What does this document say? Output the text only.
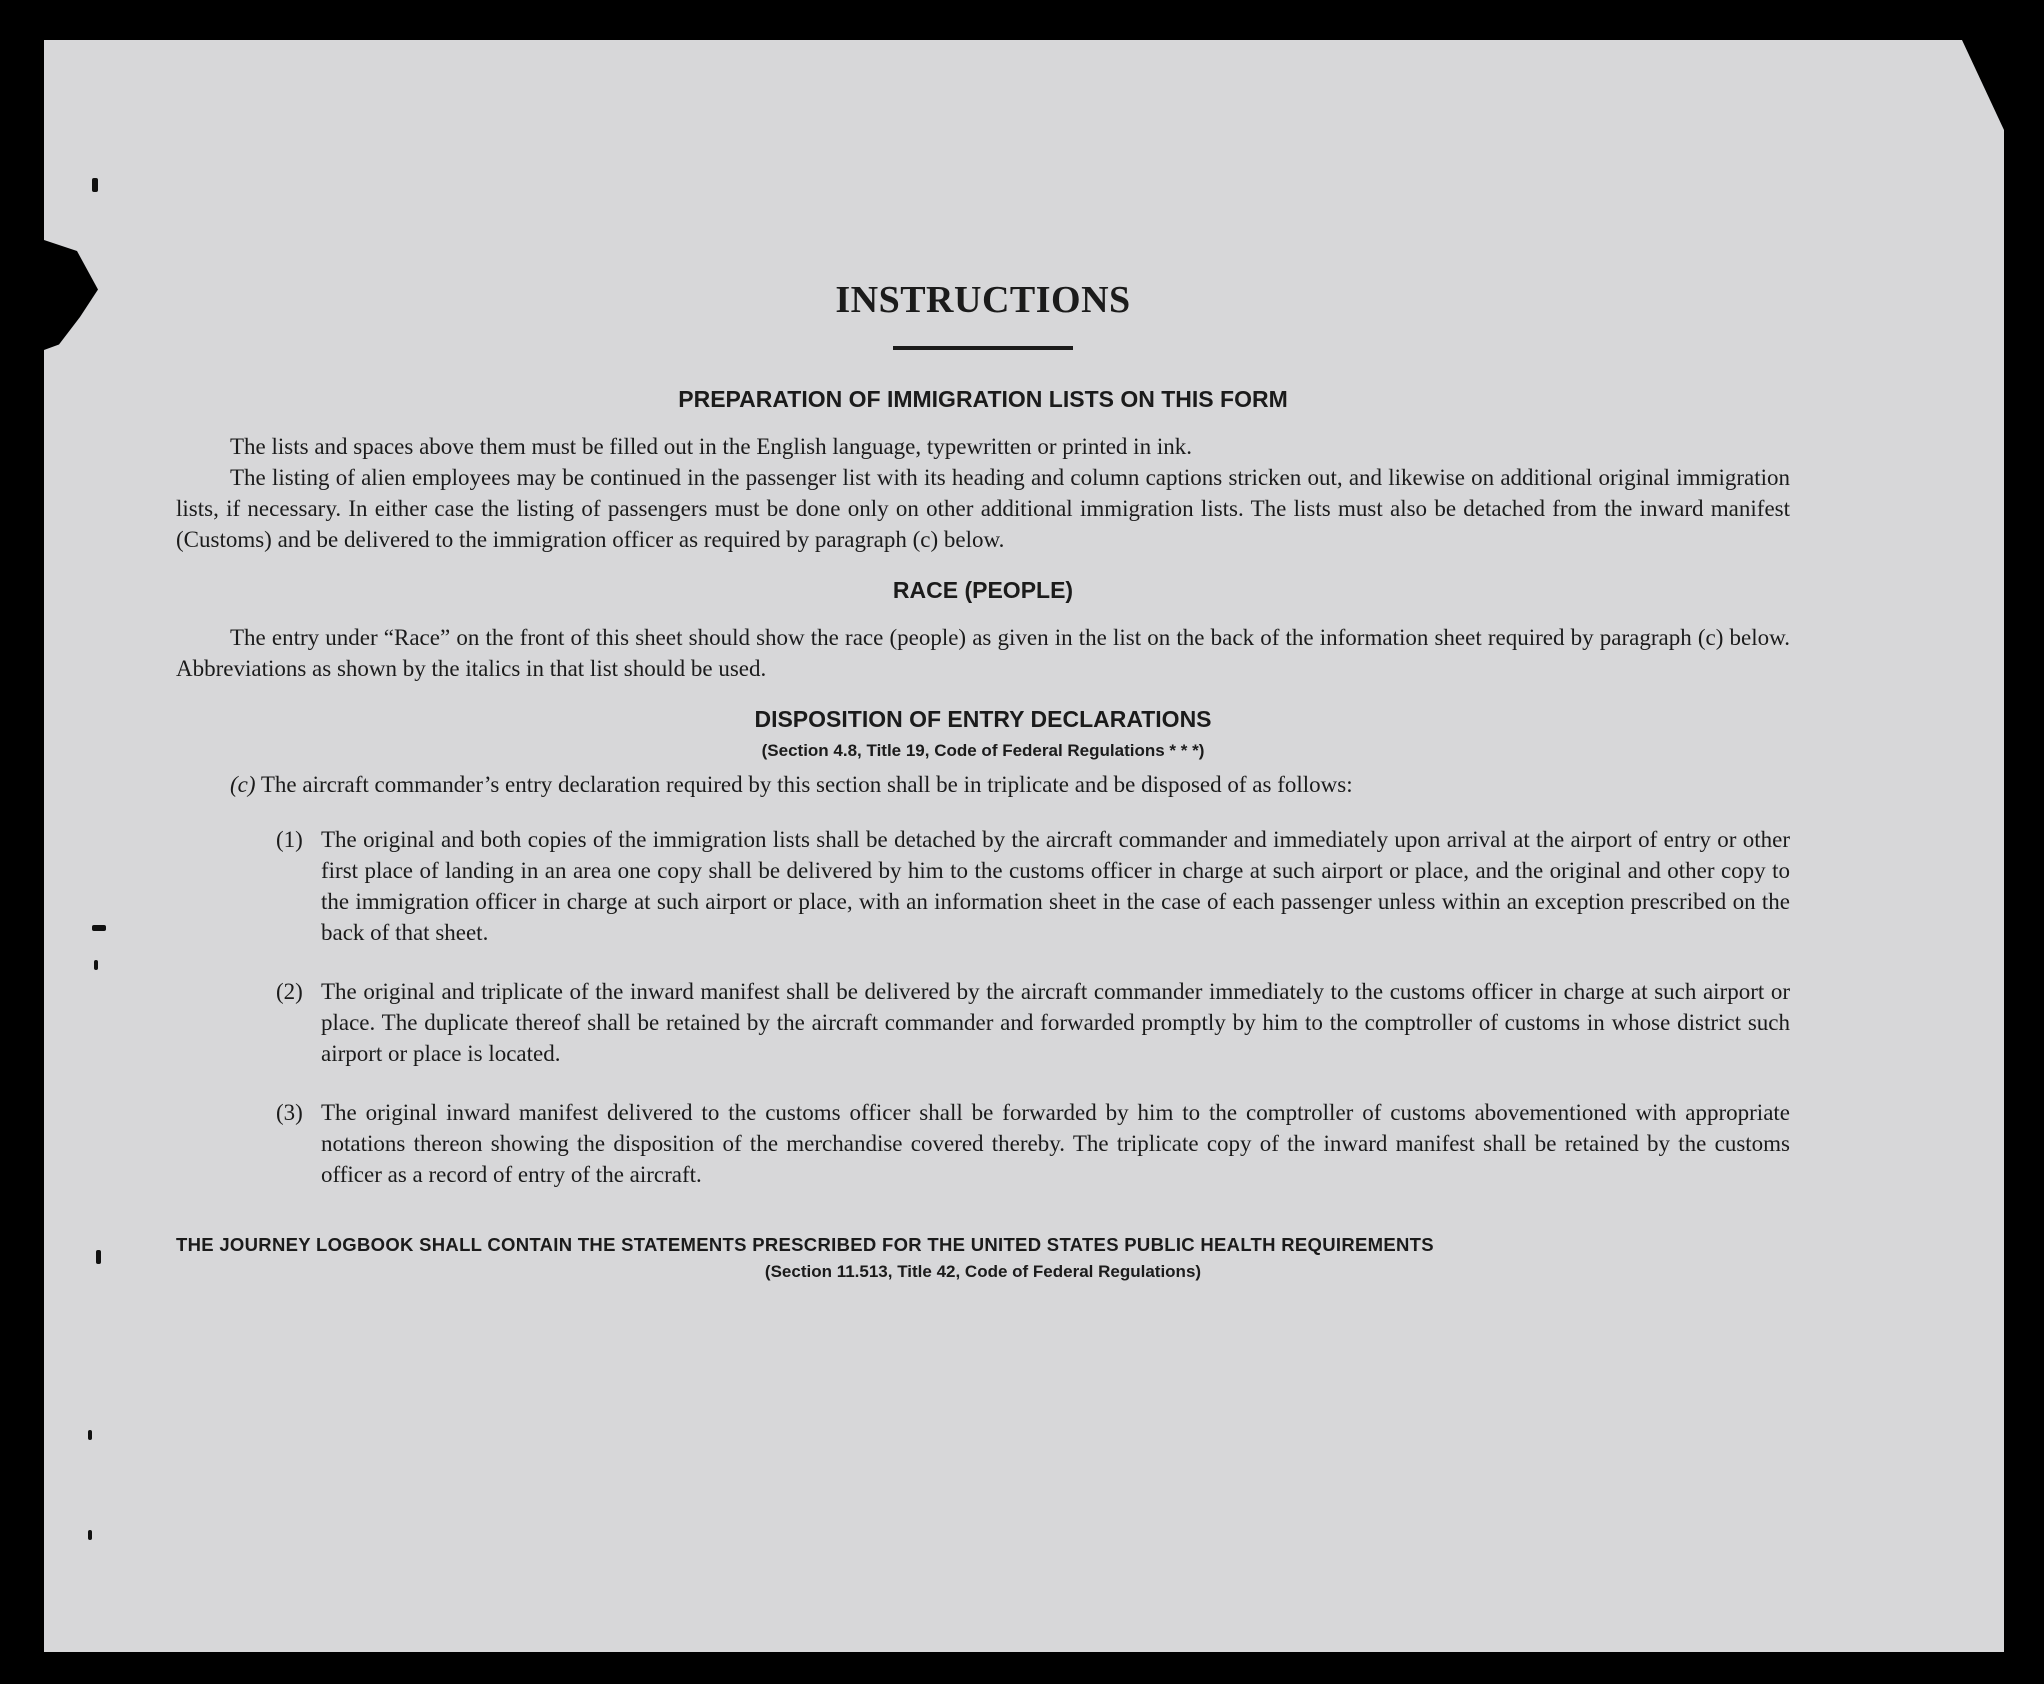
INSTRUCTIONS
PREPARATION OF IMMIGRATION LISTS ON THIS FORM

The lists and spaces above them must be filled out in the English language, typewritten or printed in ink.

The listing of alien employees may be continued in the passenger list with its heading and column captions stricken out, and likewise on additional original immigration lists, if necessary. In either case the listing of passengers must be done only on other additional immigration lists. The lists must also be detached from the inward manifest (Customs) and be delivered to the immigration officer as required by paragraph (c) below.

RACE (PEOPLE)

The entry under “Race” on the front of this sheet should show the race (people) as given in the list on the back of the information sheet required by paragraph (c) below. Abbreviations as shown by the italics in that list should be used.

DISPOSITION OF ENTRY DECLARATIONS
(Section 4.8, Title 19, Code of Federal Regulations * * *)
(c) The aircraft commander’s entry declaration required by this section shall be in triplicate and be disposed of as follows:
(1) The original and both copies of the immigration lists shall be detached by the aircraft commander and immediately upon arrival at the airport of entry or other first place of landing in an area one copy shall be delivered by him to the customs officer in charge at such airport or place, and the original and other copy to the immigration officer in charge at such airport or place, with an information sheet in the case of each passenger unless within an exception prescribed on the back of that sheet.
(2) The original and triplicate of the inward manifest shall be delivered by the aircraft commander immediately to the customs officer in charge at such airport or place. The duplicate thereof shall be retained by the aircraft commander and forwarded promptly by him to the comptroller of customs in whose district such airport or place is located.
(3) The original inward manifest delivered to the customs officer shall be forwarded by him to the comptroller of customs abovementioned with appropriate notations thereon showing the disposition of the merchandise covered thereby. The triplicate copy of the inward manifest shall be retained by the customs officer as a record of entry of the aircraft.

THE JOURNEY LOGBOOK SHALL CONTAIN THE STATEMENTS PRESCRIBED FOR THE UNITED STATES PUBLIC HEALTH REQUIREMENTS

(Section 11.513, Title 42, Code of Federal Regulations)
